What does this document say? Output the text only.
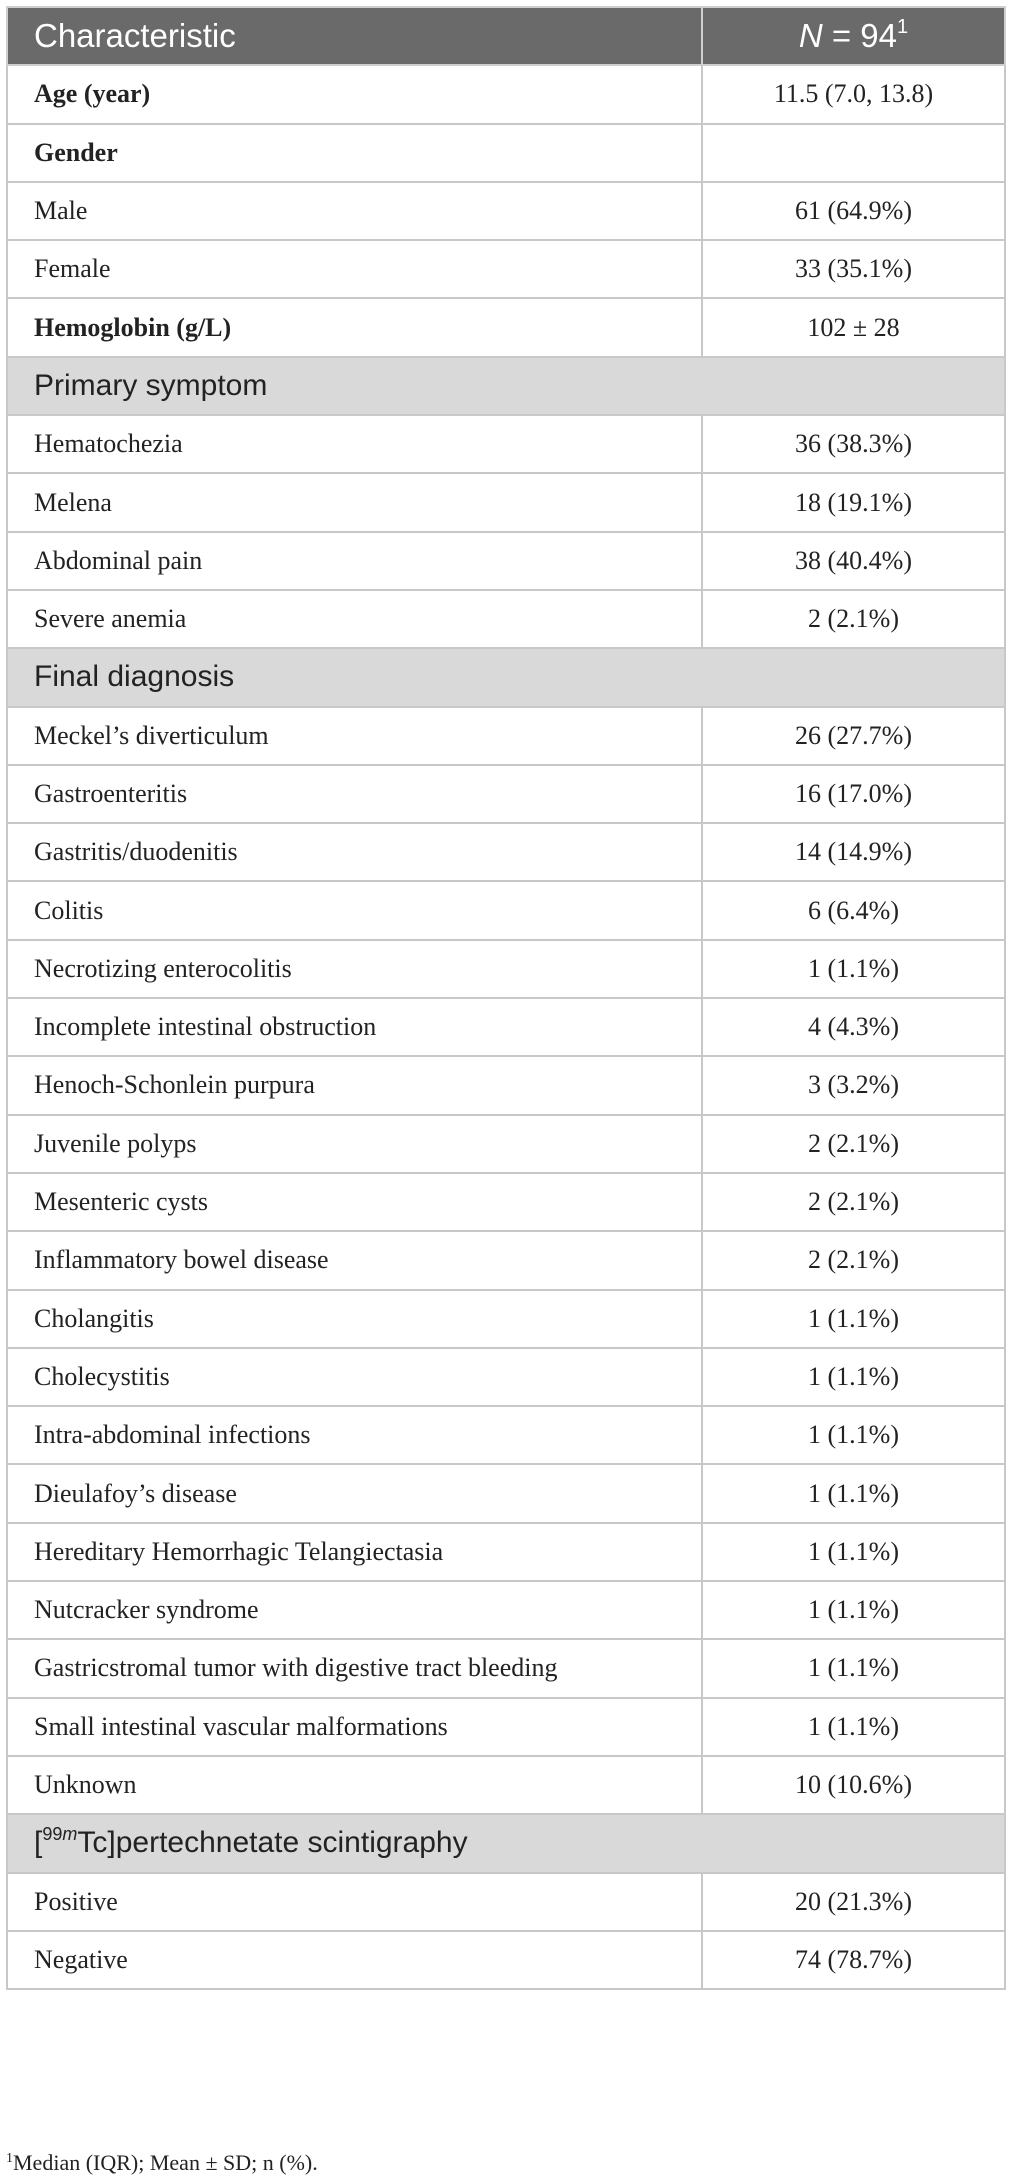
Characteristic	$N = 94^1$
Age (year)	11.5 (7.0, 13.8)
Gender	
Male	61 (64.9%)
Female	33 (35.1%)
Hemoglobin (g/L)	102 ± 28
Primary symptom	
Hematochezia	36 (38.3%)
Melena	18 (19.1%)
Abdominal pain	38 (40.4%)
Severe anemia	2 (2.1%)
Final diagnosis	
Meckel’s diverticulum	26 (27.7%)
Gastroenteritis	16 (17.0%)
Gastritis/duodenitis	14 (14.9%)
Colitis	6 (6.4%)
Necrotizing enterocolitis	1 (1.1%)
Incomplete intestinal obstruction	4 (4.3%)
Henoch-Schonlein purpura	3 (3.2%)
Juvenile polyps	2 (2.1%)
Mesenteric cysts	2 (2.1%)
Inflammatory bowel disease	2 (2.1%)
Cholangitis	1 (1.1%)
Cholecystitis	1 (1.1%)
Intra-abdominal infections	1 (1.1%)
Dieulafoy’s disease	1 (1.1%)
Hereditary Hemorrhagic Telangiectasia	1 (1.1%)
Nutcracker syndrome	1 (1.1%)
Gastricstromal tumor with digestive tract bleeding	1 (1.1%)
Small intestinal vascular malformations	1 (1.1%)
Unknown	10 (10.6%)
[$^{99m}$Tc]pertechnetate scintigraphy	
Positive	20 (21.3%)
Negative	74 (78.7%)
$^1$Median (IQR); Mean ± SD; n (%).
